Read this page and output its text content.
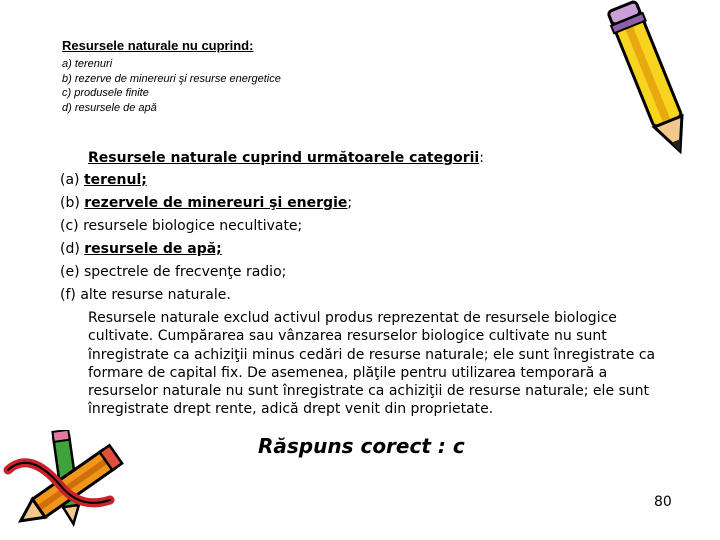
Resursele naturale nu cuprind:
a) terenuri
b) rezerve de minereuri şi resurse energetice
c) produsele finite
d) resursele de apă
Resursele naturale cuprind următoarele categorii:
(a) terenul;
(b) rezervele de minereuri şi energie;
(c) resursele biologice necultivate;
(d) resursele de apă;
(e) spectrele de frecvenţe radio;
(f) alte resurse naturale.
Resursele naturale exclud activul produs reprezentat de resursele biologice cultivate. Cumpărarea sau vânzarea resurselor biologice cultivate nu sunt înregistrate ca achiziţii minus cedări de resurse naturale; ele sunt înregistrate ca formare de capital fix. De asemenea, plăţile pentru utilizarea temporară a resurselor naturale nu sunt înregistrate ca achiziţii de resurse naturale; ele sunt înregistrate drept rente, adică drept venit din proprietate.
Răspuns corect : c
80
